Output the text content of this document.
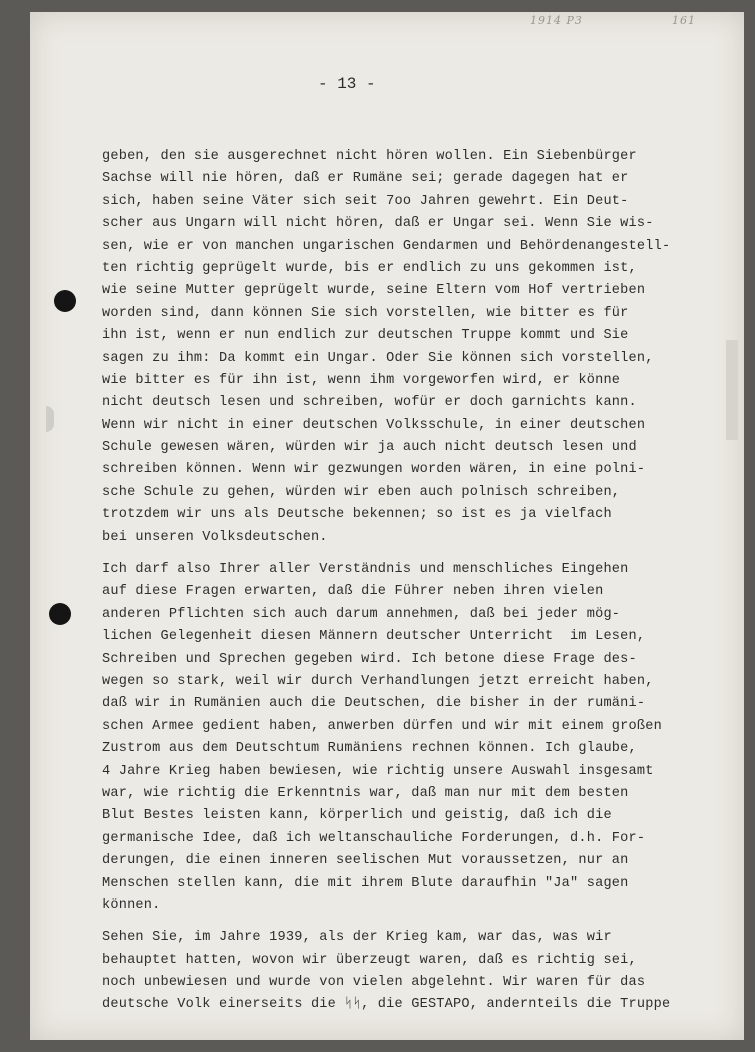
1914 P3	161
- 13 -
geben, den sie ausgerechnet nicht hören wollen. Ein Siebenbürger
Sachse will nie hören, daß er Rumäne sei; gerade dagegen hat er
sich, haben seine Väter sich seit 7oo Jahren gewehrt. Ein Deut-
scher aus Ungarn will nicht hören, daß er Ungar sei. Wenn Sie wis-
sen, wie er von manchen ungarischen Gendarmen und Behördenangestell-
ten richtig geprügelt wurde, bis er endlich zu uns gekommen ist,
wie seine Mutter geprügelt wurde, seine Eltern vom Hof vertrieben
worden sind, dann können Sie sich vorstellen, wie bitter es für
ihn ist, wenn er nun endlich zur deutschen Truppe kommt und Sie
sagen zu ihm: Da kommt ein Ungar. Oder Sie können sich vorstellen,
wie bitter es für ihn ist, wenn ihm vorgeworfen wird, er könne
nicht deutsch lesen und schreiben, wofür er doch garnichts kann.
Wenn wir nicht in einer deutschen Volksschule, in einer deutschen
Schule gewesen wären, würden wir ja auch nicht deutsch lesen und
schreiben können. Wenn wir gezwungen worden wären, in eine polni-
sche Schule zu gehen, würden wir eben auch polnisch schreiben,
trotzdem wir uns als Deutsche bekennen; so ist es ja vielfach
bei unseren Volksdeutschen.
Ich darf also Ihrer aller Verständnis und menschliches Eingehen
auf diese Fragen erwarten, daß die Führer neben ihren vielen
anderen Pflichten sich auch darum annehmen, daß bei jeder mög-
lichen Gelegenheit diesen Männern deutscher Unterricht  im Lesen,
Schreiben und Sprechen gegeben wird. Ich betone diese Frage des-
wegen so stark, weil wir durch Verhandlungen jetzt erreicht haben,
daß wir in Rumänien auch die Deutschen, die bisher in der rumäni-
schen Armee gedient haben, anwerben dürfen und wir mit einem großen
Zustrom aus dem Deutschtum Rumäniens rechnen können. Ich glaube,
4 Jahre Krieg haben bewiesen, wie richtig unsere Auswahl insgesamt
war, wie richtig die Erkenntnis war, daß man nur mit dem besten
Blut Bestes leisten kann, körperlich und geistig, daß ich die
germanische Idee, daß ich weltanschauliche Forderungen, d.h. For-
derungen, die einen inneren seelischen Mut voraussetzen, nur an
Menschen stellen kann, die mit ihrem Blute daraufhin "Ja" sagen
können.
Sehen Sie, im Jahre 1939, als der Krieg kam, war das, was wir
behauptet hatten, wovon wir überzeugt waren, daß es richtig sei,
noch unbewiesen und wurde von vielen abgelehnt. Wir waren für das
deutsche Volk einerseits die ᛋᛋ, die GESTAPO, andernteils die Truppe
